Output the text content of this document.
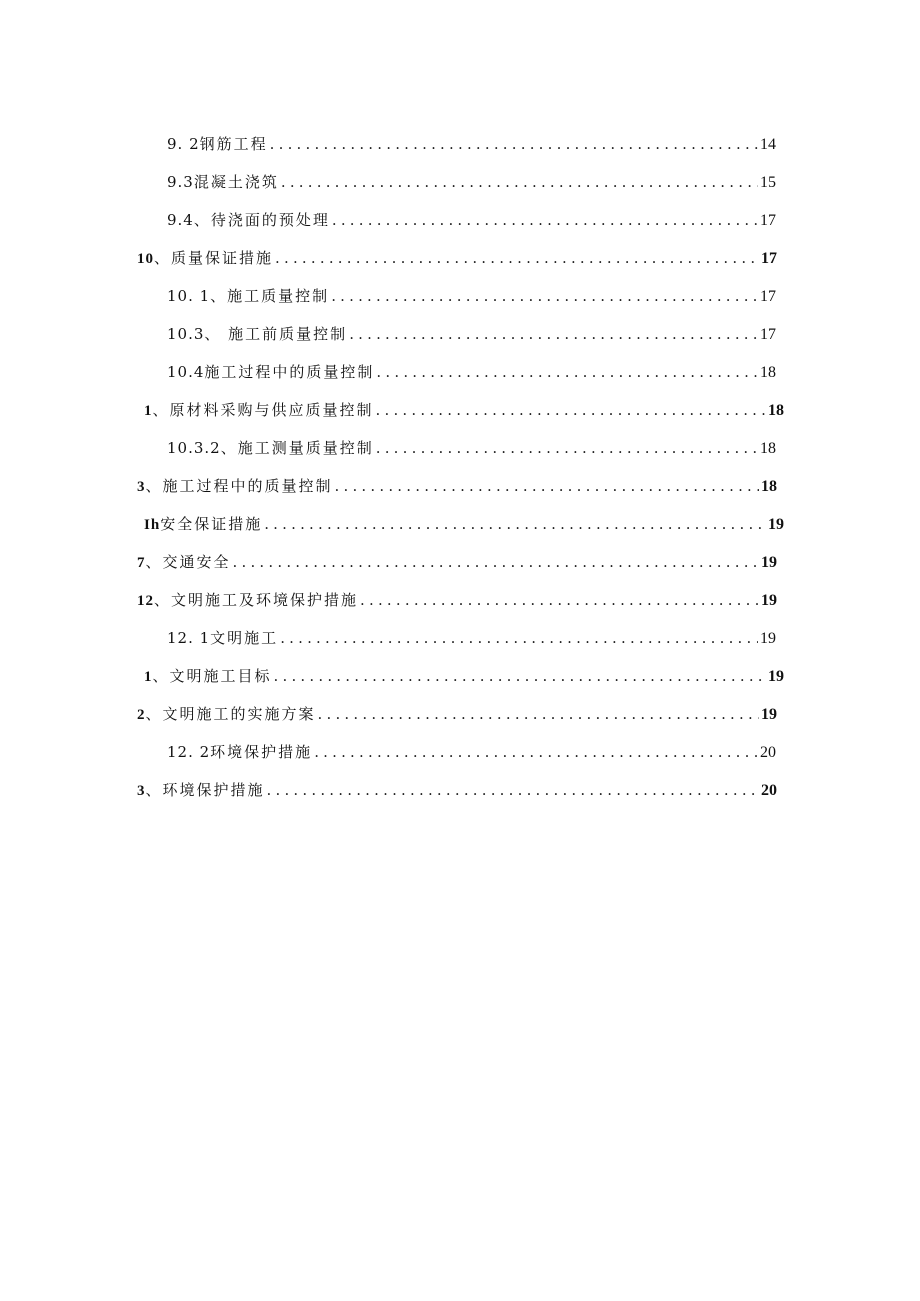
9. 2 钢筋工程 .....	14
9.3 混凝土浇筑 .....	15
9.4 、待浇面的预处理 .....	17
10 、质量保证措施 .....	17
10. 1 、施工质量控制 .....	17
10.3 、 施工前质量控制 .....	17
10.4 施工过程中的质量控制 .....	18
1 、原材料采购与供应质量控制 .....	18
10.3.2 、施工测量质量控制 .....	18
3 、施工过程中的质量控制 .....	18
Ih 安全保证措施 .....	19
7 、交通安全 .....	19
12 、文明施工及环境保护措施 .....	19
12. 1 文明施工 .....	19
1 、文明施工目标 .....	19
2 、文明施工的实施方案 .....	19
12. 2 环境保护措施 .....	20
3 、环境保护措施 .....	20
